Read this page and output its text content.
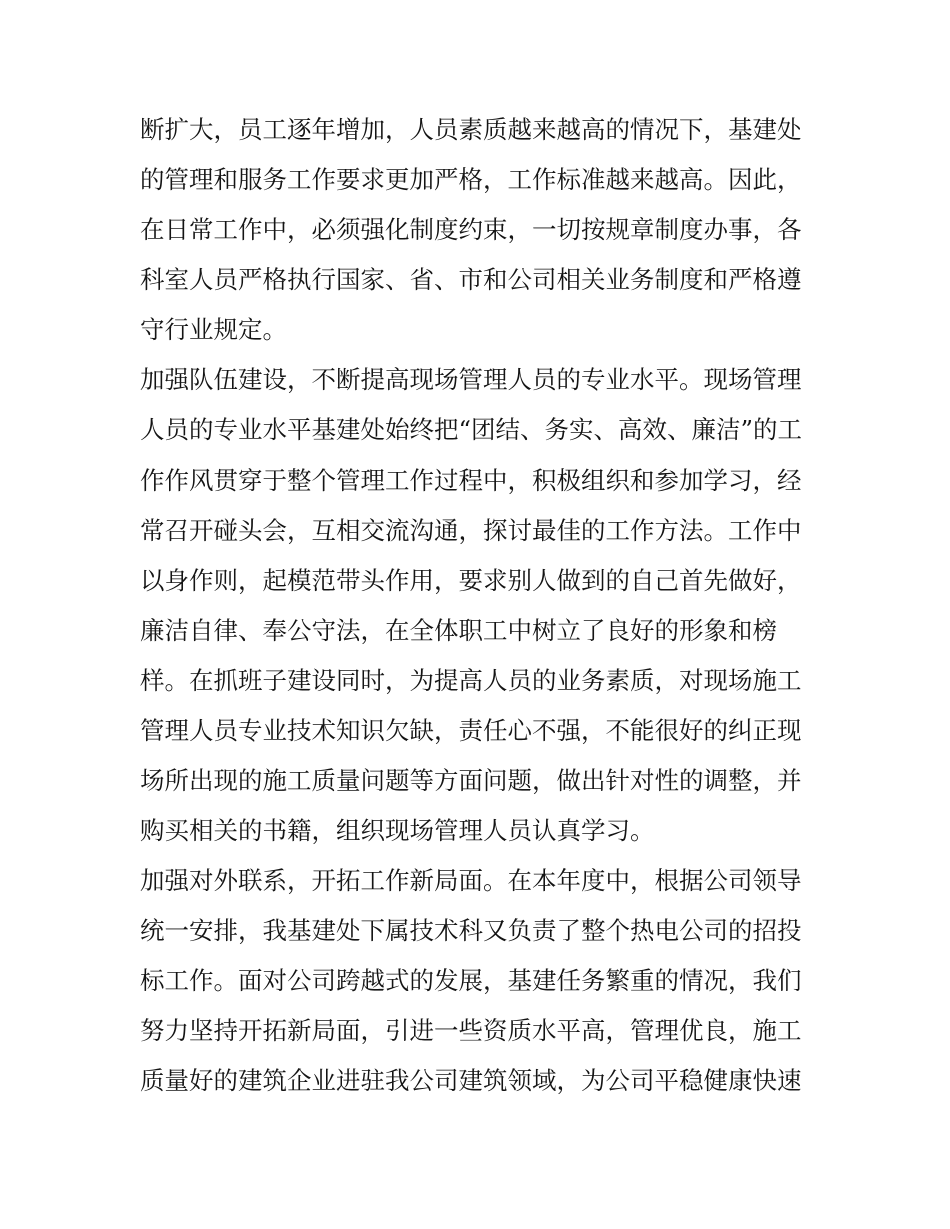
断扩大，员工逐年增加，人员素质越来越高的情况下，基建处
的管理和服务工作要求更加严格，工作标准越来越高。因此，
在日常工作中，必须强化制度约束，一切按规章制度办事，各
科室人员严格执行国家、省、市和公司相关业务制度和严格遵
守行业规定。
加强队伍建设，不断提高现场管理人员的专业水平。现场管理
人员的专业水平基建处始终把“团结、务实、高效、廉洁”的工
作作风贯穿于整个管理工作过程中，积极组织和参加学习，经
常召开碰头会，互相交流沟通，探讨最佳的工作方法。工作中
以身作则，起模范带头作用，要求别人做到的自己首先做好，
廉洁自律、奉公守法，在全体职工中树立了良好的形象和榜
样。在抓班子建设同时，为提高人员的业务素质，对现场施工
管理人员专业技术知识欠缺，责任心不强，不能很好的纠正现
场所出现的施工质量问题等方面问题，做出针对性的调整，并
购买相关的书籍，组织现场管理人员认真学习。
加强对外联系，开拓工作新局面。在本年度中，根据公司领导
统一安排，我基建处下属技术科又负责了整个热电公司的招投
标工作。面对公司跨越式的发展，基建任务繁重的情况，我们
努力坚持开拓新局面，引进一些资质水平高，管理优良，施工
质量好的建筑企业进驻我公司建筑领域，为公司平稳健康快速
